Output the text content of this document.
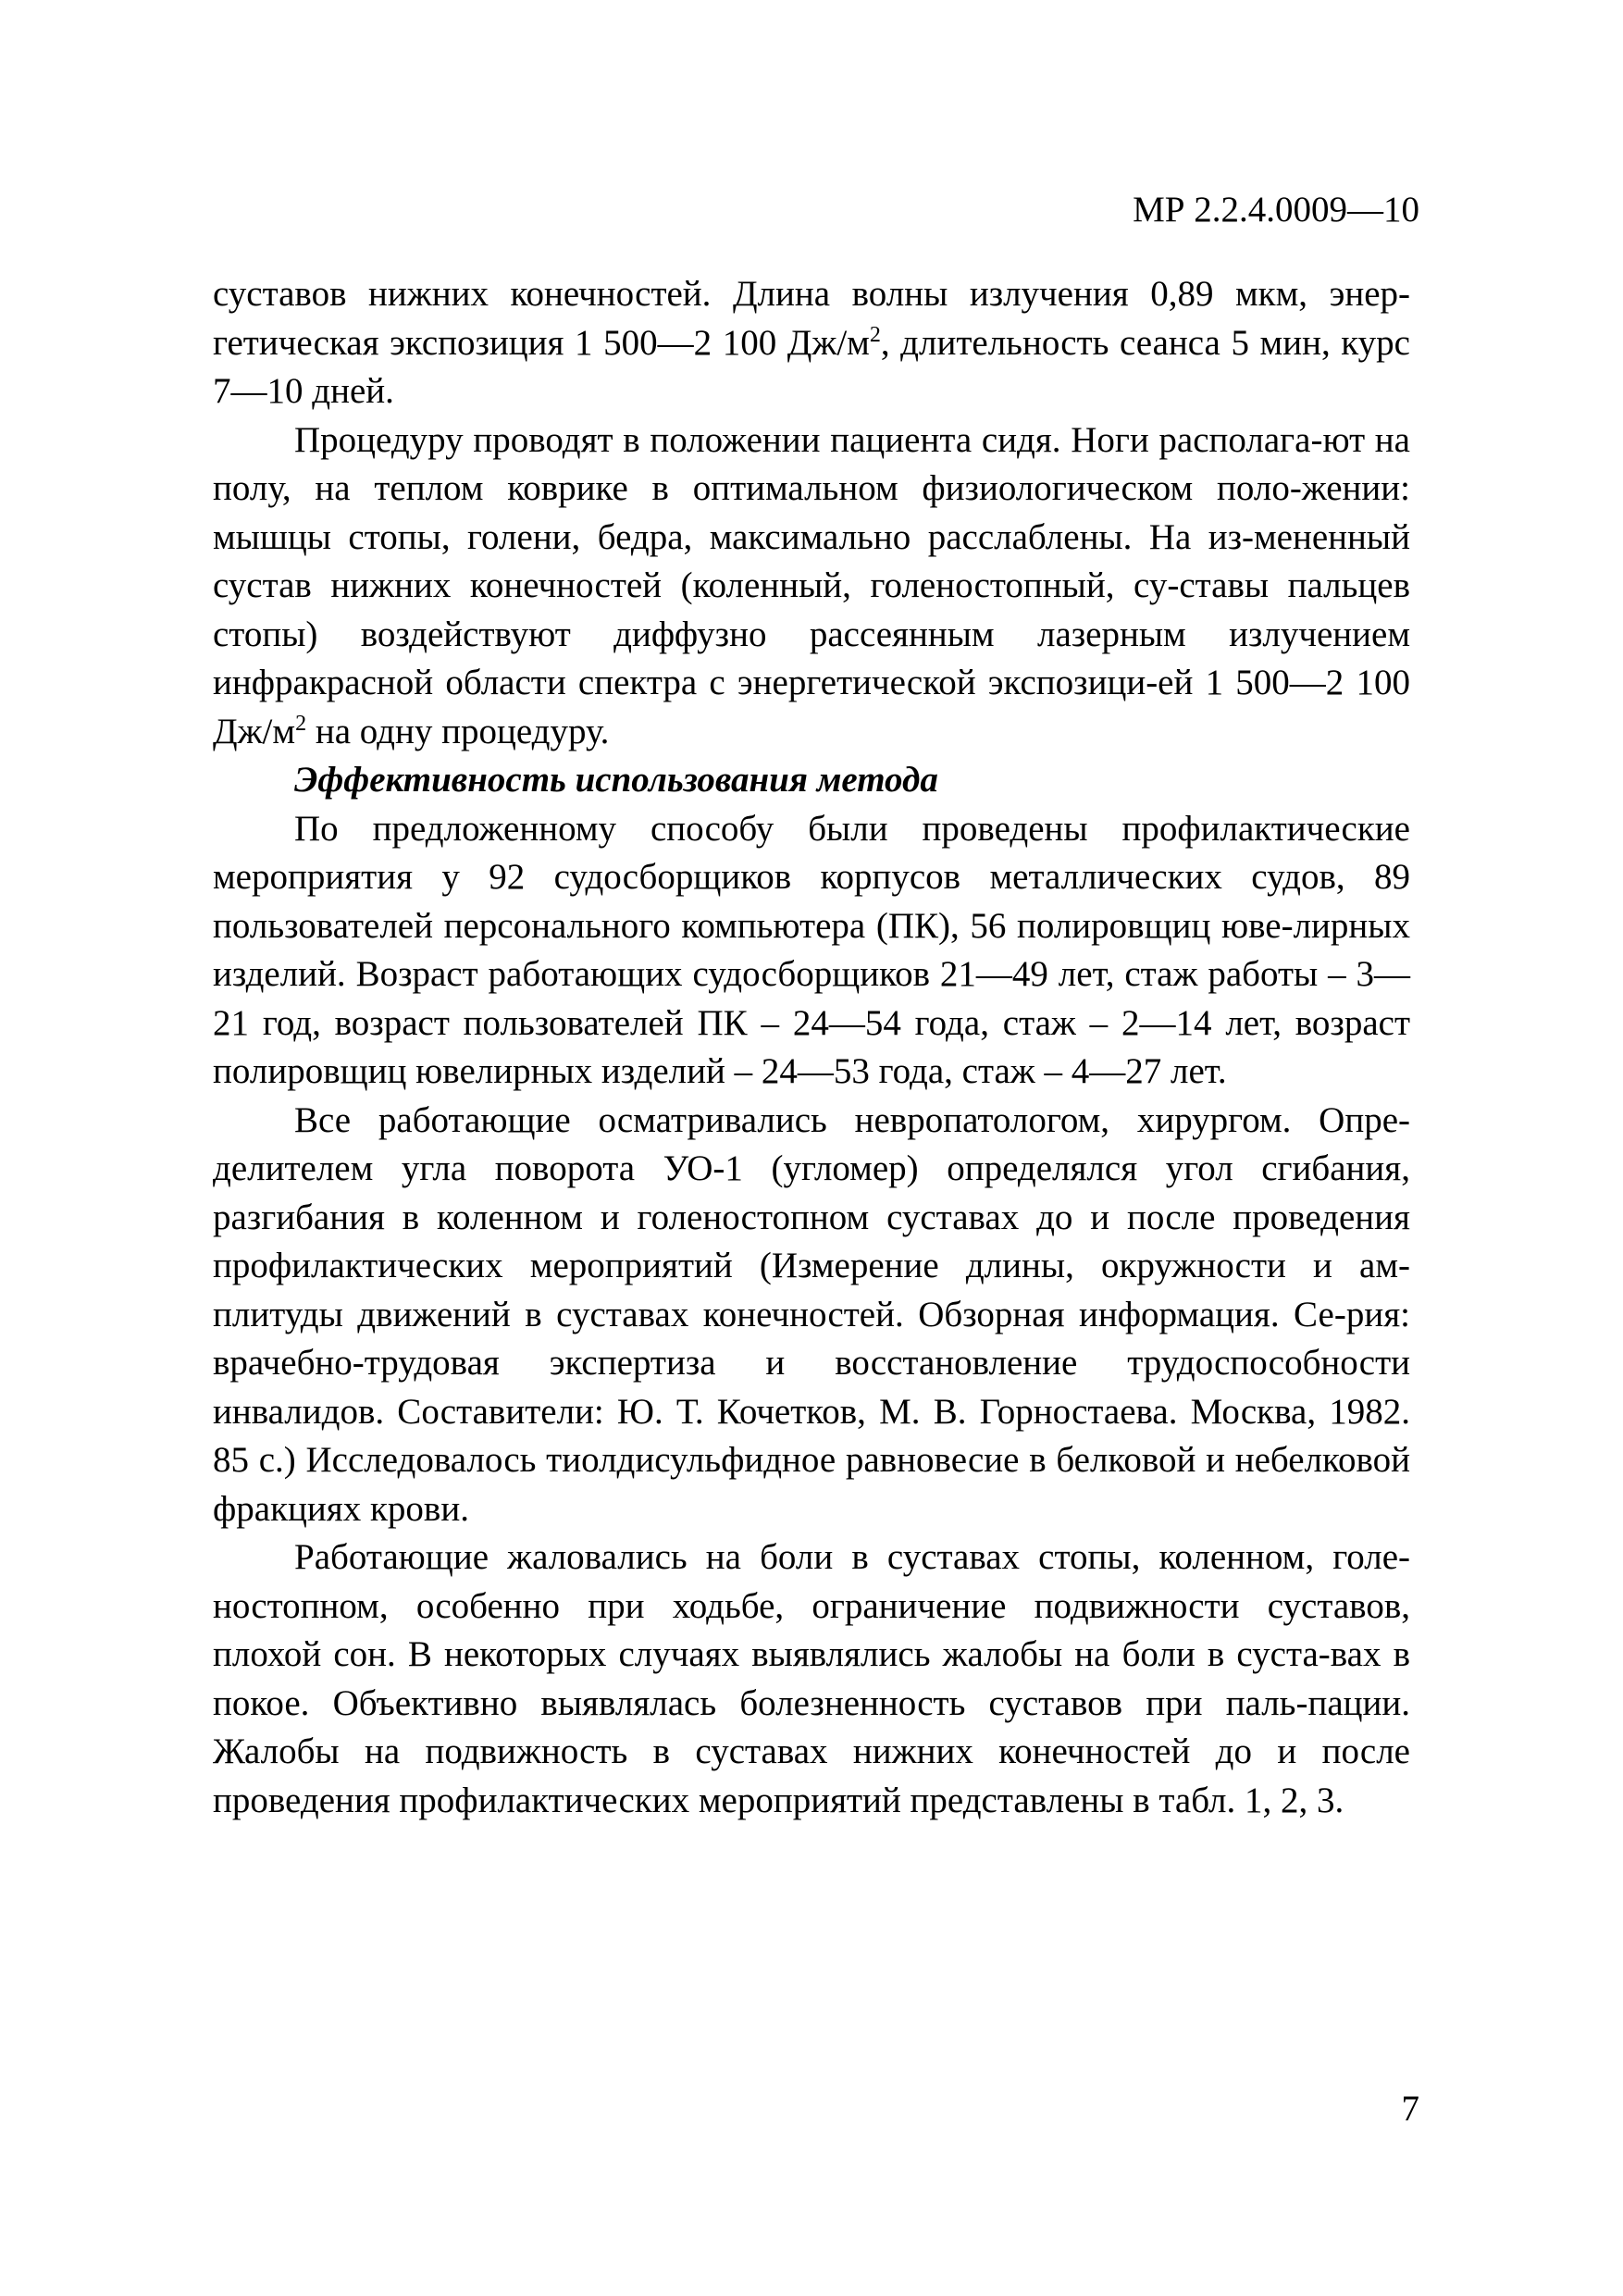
МР 2.2.4.0009—10

суставов нижних конечностей. Длина волны излучения 0,89 мкм, энер-гетическая экспозиция 1 500—2 100 $Дж/м^2$, длительность сеанса 5 мин, курс 7—10 дней.

Процедуру проводят в положении пациента сидя. Ноги располага-ют на полу, на теплом коврике в оптимальном физиологическом поло-жении: мышцы стопы, голени, бедра, максимально расслаблены. На из-мененный сустав нижних конечностей (коленный, голеностопный, су-ставы пальцев стопы) воздействуют диффузно рассеянным лазерным излучением инфракрасной области спектра с энергетической экспозици-ей 1 500—2 100 $Дж/м^2$ на одну процедуру.

Эффективность использования метода

По предложенному способу были проведены профилактические мероприятия у 92 судосборщиков корпусов металлических судов, 89 пользователей персонального компьютера (ПК), 56 полировщиц юве-лирных изделий. Возраст работающих судосборщиков 21—49 лет, стаж работы – 3—21 год, возраст пользователей ПК – 24—54 года, стаж – 2—14 лет, возраст полировщиц ювелирных изделий – 24—53 года, стаж – 4—27 лет.

Все работающие осматривались невропатологом, хирургом. Опре-делителем угла поворота УО-1 (угломер) определялся угол сгибания, разгибания в коленном и голеностопном суставах до и после проведения профилактических мероприятий (Измерение длины, окружности и ам-плитуды движений в суставах конечностей. Обзорная информация. Се-рия: врачебно-трудовая экспертиза и восстановление трудоспособности инвалидов. Составители: Ю. Т. Кочетков, М. В. Горностаева. Москва, 1982. 85 с.) Исследовалось тиолдисульфидное равновесие в белковой и небелковой фракциях крови.

Работающие жаловались на боли в суставах стопы, коленном, голе-ностопном, особенно при ходьбе, ограничение подвижности суставов, плохой сон. В некоторых случаях выявлялись жалобы на боли в суста-вах в покое. Объективно выявлялась болезненность суставов при паль-пации. Жалобы на подвижность в суставах нижних конечностей до и после проведения профилактических мероприятий представлены в табл. 1, 2, 3.

7
